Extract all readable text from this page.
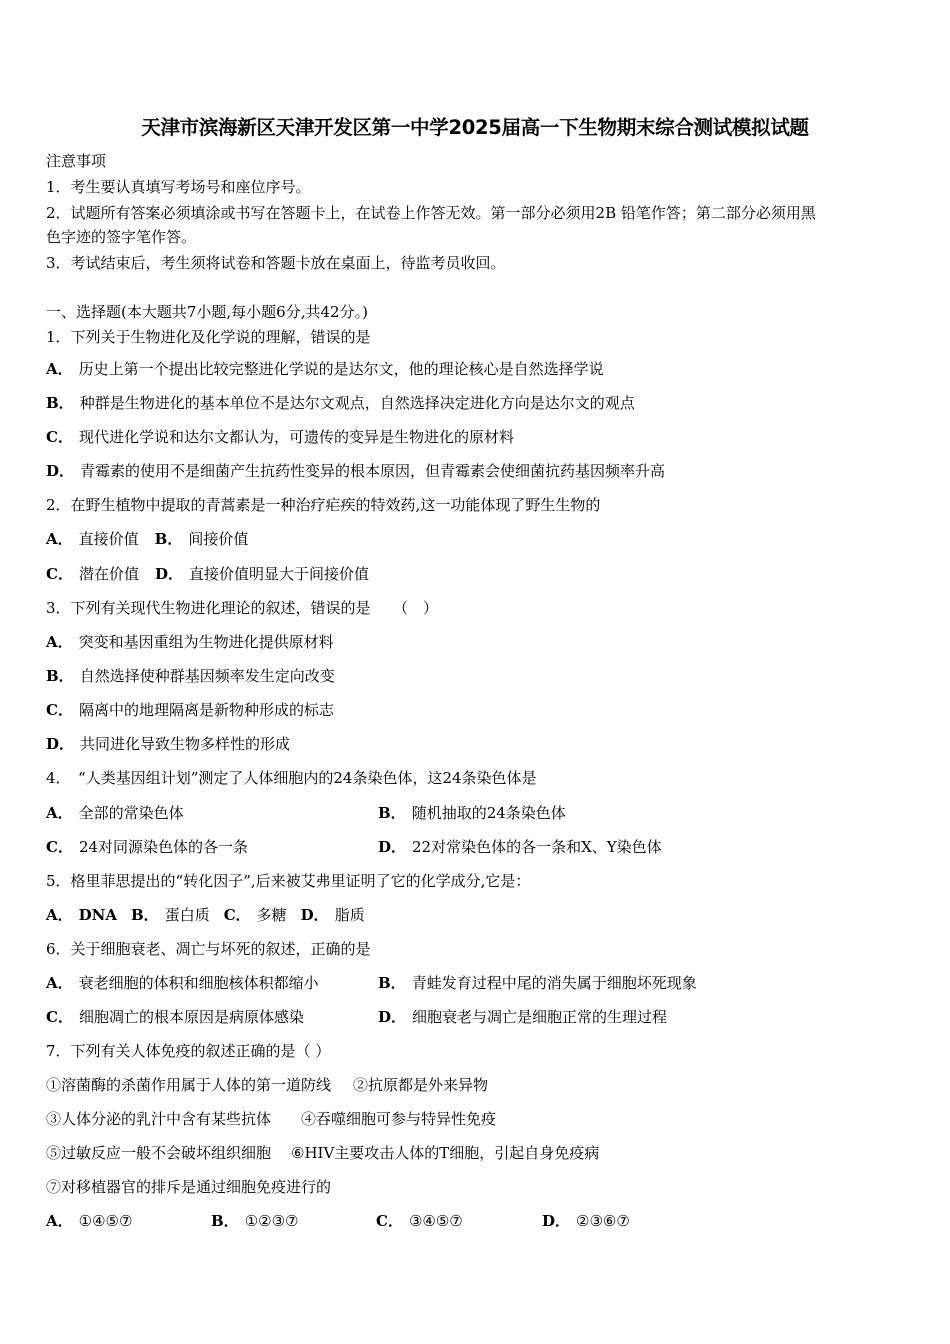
天津市滨海新区天津开发区第一中学2025届高一下生物期末综合测试模拟试题
注意事项
1．考生要认真填写考场号和座位序号。
2．试题所有答案必须填涂或书写在答题卡上，在试卷上作答无效。第一部分必须用2B 铅笔作答；第二部分必须用黑
色字迹的签字笔作答。
3．考试结束后，考生须将试卷和答题卡放在桌面上，待监考员收回。
一、选择题(本大题共7小题,每小题6分,共42分。)
1．下列关于生物进化及化学说的理解，错误的是
A． 历史上第一个提出比较完整进化学说的是达尔文，他的理论核心是自然选择学说
B． 种群是生物进化的基本单位不是达尔文观点，自然选择决定进化方向是达尔文的观点
C． 现代进化学说和达尔文都认为，可遗传的变异是生物进化的原材料
D． 青霉素的使用不是细菌产生抗药性变异的根本原因，但青霉素会使细菌抗药基因频率升高
2．在野生植物中提取的青蒿素是一种治疗疟疾的特效药,这一功能体现了野生生物的
A． 直接价值 B． 间接价值
C． 潜在价值 D． 直接价值明显大于间接价值
3．下列有关现代生物进化理论的叙述，错误的是　　（　）
A． 突变和基因重组为生物进化提供原材料
B． 自然选择使种群基因频率发生定向改变
C． 隔离中的地理隔离是新物种形成的标志
D． 共同进化导致生物多样性的形成
4．　“人类基因组计划”测定了人体细胞内的24条染色体，这24条染色体是
A． 全部的常染色体	B． 随机抽取的24条染色体
C． 24对同源染色体的各一条	D． 22对常染色体的各一条和X、Y染色体
5．格里菲思提出的“转化因子”,后来被艾弗里证明了它的化学成分,它是：
A． DNA B． 蛋白质 C． 多糖 D． 脂质
6．关于细胞衰老、凋亡与坏死的叙述，正确的是
A． 衰老细胞的体积和细胞核体积都缩小	B． 青蛙发育过程中尾的消失属于细胞坏死现象
C． 细胞凋亡的根本原因是病原体感染	D． 细胞衰老与凋亡是细胞正常的生理过程
7．下列有关人体免疫的叙述正确的是（ ）
①溶菌酶的杀菌作用属于人体的第一道防线 ②抗原都是外来异物
③人体分泌的乳汁中含有某些抗体 ④吞噬细胞可参与特异性免疫
⑤过敏反应一般不会破坏组织细胞 ⑥HIV主要攻击人体的T细胞，引起自身免疫病
⑦对移植器官的排斥是通过细胞免疫进行的
A． ①④⑤⑦	B． ①②③⑦	C． ③④⑤⑦	D． ②③⑥⑦
